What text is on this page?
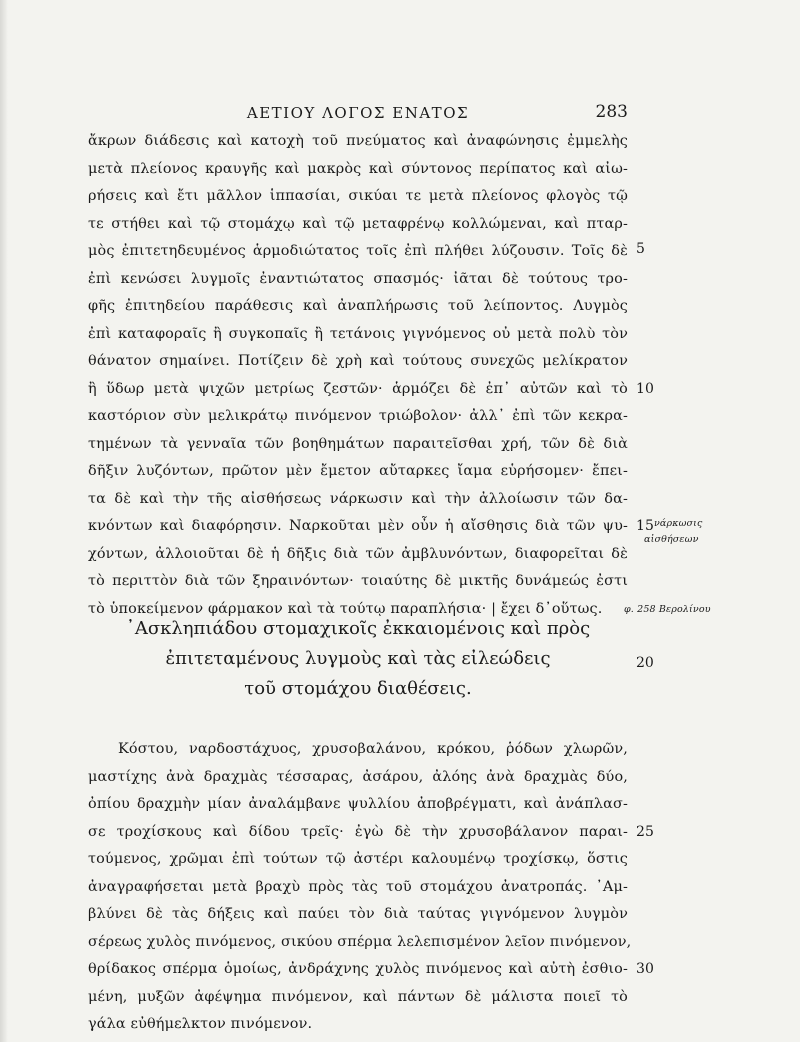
ΑΕΤΙΟΥ ΛΟΓΟΣ ΕΝΑΤΟΣ	283
ἄκρων διάδεσις καὶ κατοχὴ τοῦ πνεύματος καὶ ἀναφώνησις ἐμμελὴς
μετὰ πλείονος κραυγῆς καὶ μακρὸς καὶ σύντονος περίπατος καὶ αἰω-
ρήσεις καὶ ἔτι μᾶλλον ἱππασίαι, σικύαι τε μετὰ πλείονος φλογὸς τῷ
τε στήθει καὶ τῷ στομάχῳ καὶ τῷ μεταφρένῳ κολλώμεναι, καὶ πταρ-
μὸς ἐπιτετηδευμένος ἁρμοδιώτατος τοῖς ἐπὶ πλήθει λύζουσιν. Τοῖς δὲ 5
ἐπὶ κενώσει λυγμοῖς ἐναντιώτατος σπασμός· ἰᾶται δὲ τούτους τρο-
φῆς ἐπιτηδείου παράθεσις καὶ ἀναπλήρωσις τοῦ λείποντος. Λυγμὸς
ἐπὶ καταφοραῖς ἢ συγκοπαῖς ἢ τετάνοις γιγνόμενος οὐ μετὰ πολὺ τὸν
θάνατον σημαίνει. Ποτίζειν δὲ χρὴ καὶ τούτους συνεχῶς μελίκρατον
ἢ ὕδωρ μετὰ ψιχῶν μετρίως ζεστῶν· ἁρμόζει δὲ ἐπ᾽ αὐτῶν καὶ τὸ 10
καστόριον σὺν μελικράτῳ πινόμενον τριώβολον· ἀλλ᾽ ἐπὶ τῶν κεκρα-
τημένων τὰ γενναῖα τῶν βοηθημάτων παραιτεῖσθαι χρή, τῶν δὲ διὰ
δῆξιν λυζόντων, πρῶτον μὲν ἔμετον αὔταρκες ἴαμα εὑρήσομεν· ἔπει-
τα δὲ καὶ τὴν τῆς αἰσθήσεως νάρκωσιν καὶ τὴν ἀλλοίωσιν τῶν δα-
κνόντων καὶ διαφόρησιν. Ναρκοῦται μὲν οὖν ἡ αἴσθησις διὰ τῶν ψυ- 15 νάρκωσις
χόντων, ἀλλοιοῦται δὲ ἡ δῆξις διὰ τῶν ἀμβλυνόντων, διαφορεῖται δὲ
αἰσθήσεων
τὸ περιττὸν διὰ τῶν ξηραινόντων· τοιαύτης δὲ μικτῆς δυνάμεώς ἐστι
τὸ ὑποκείμενον φάρμακον καὶ τὰ τούτῳ παραπλήσια· | ἔχει δ᾽οὕτως. φ. 258 Βερολίνου
᾽Ασκληπιάδου στομαχικοῖς ἐκκαιομένοις καὶ πρὸς
ἐπιτεταμένους λυγμοὺς καὶ τὰς εἰλεώδεις	20
τοῦ στομάχου διαθέσεις.
Κόστου, ναρδοστάχυος, χρυσοβαλάνου, κρόκου, ῥόδων χλωρῶν,
μαστίχης ἀνὰ δραχμὰς τέσσαρας, ἀσάρου, ἀλόης ἀνὰ δραχμὰς δύο,
ὀπίου δραχμὴν μίαν ἀναλάμβανε ψυλλίου ἀποβρέγματι, καὶ ἀνάπλασ-
σε τροχίσκους καὶ δίδου τρεῖς· ἐγὼ δὲ τὴν χρυσοβάλανον παραι- 25
τούμενος, χρῶμαι ἐπὶ τούτων τῷ ἀστέρι καλουμένῳ τροχίσκῳ, ὅστις
ἀναγραφήσεται μετὰ βραχὺ πρὸς τὰς τοῦ στομάχου ἀνατροπάς. ᾽Αμ-
βλύνει δὲ τὰς δήξεις καὶ παύει τὸν διὰ ταύτας γιγνόμενον λυγμὸν
σέρεως χυλὸς πινόμενος, σικύου σπέρμα λελεπισμένον λεῖον πινόμενον,
θρίδακος σπέρμα ὁμοίως, ἀνδράχνης χυλὸς πινόμενος καὶ αὐτὴ ἐσθιο- 30
μένη, μυξῶν ἀφέψημα πινόμενον, καὶ πάντων δὲ μάλιστα ποιεῖ τὸ
γάλα εὐθήμελκτον πινόμενον.
